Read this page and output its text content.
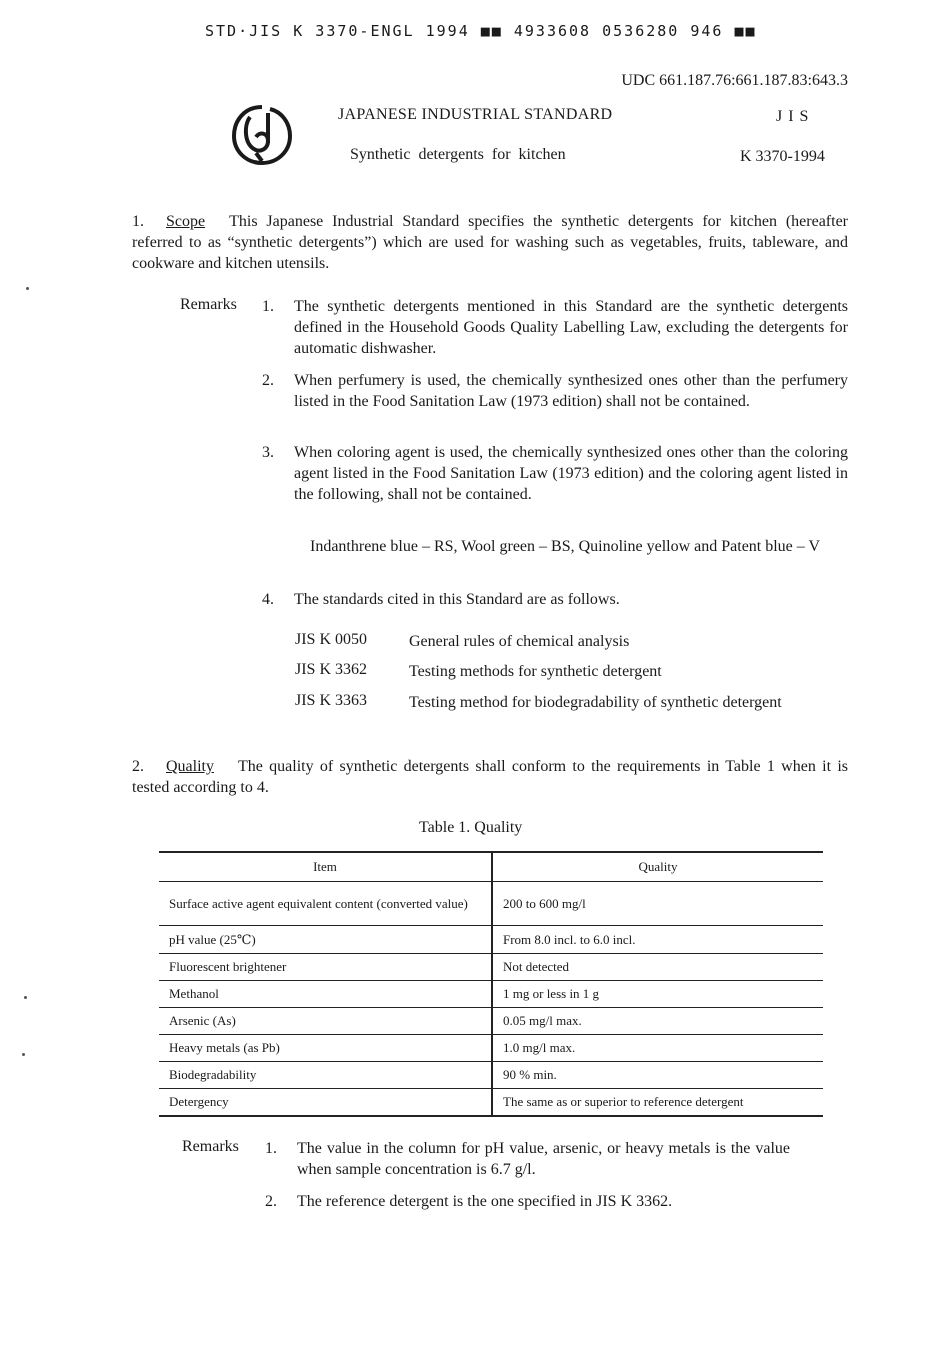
STD·JIS K 3370-ENGL 1994 ■■ 4933608 0536280 946 ■■
UDC 661.187.76:661.187.83:643.3
JAPANESE INDUSTRIAL STANDARD	JIS
Synthetic detergents for kitchen	K 3370-1994
1. Scope This Japanese Industrial Standard specifies the synthetic detergents for kitchen (hereafter referred to as “synthetic detergents”) which are used for washing such as vegetables, fruits, tableware, and cookware and kitchen utensils.
Remarks 1. The synthetic detergents mentioned in this Standard are the synthetic detergents defined in the Household Goods Quality Labelling Law, excluding the detergents for automatic dishwasher.
2. When perfumery is used, the chemically synthesized ones other than the perfumery listed in the Food Sanitation Law (1973 edition) shall not be contained.
3. When coloring agent is used, the chemically synthesized ones other than the coloring agent listed in the Food Sanitation Law (1973 edition) and the coloring agent listed in the following, shall not be contained.
Indanthrene blue – RS, Wool green – BS, Quinoline yellow and Patent blue – V
4. The standards cited in this Standard are as follows.
JIS K 0050	General rules of chemical analysis
JIS K 3362	Testing methods for synthetic detergent
JIS K 3363	Testing method for biodegradability of synthetic detergent
2. Quality The quality of synthetic detergents shall conform to the requirements in Table 1 when it is tested according to 4.
Table 1. Quality
Item	Quality
Surface active agent equivalent content (converted value)	200 to 600 mg/l
pH value (25℃)	From 8.0 incl. to 6.0 incl.
Fluorescent brightener	Not detected
Methanol	1 mg or less in 1 g
Arsenic (As)	0.05 mg/l max.
Heavy metals (as Pb)	1.0 mg/l max.
Biodegradability	90 % min.
Detergency	The same as or superior to reference detergent
Remarks 1. The value in the column for pH value, arsenic, or heavy metals is the value when sample concentration is 6.7 g/l.
2. The reference detergent is the one specified in JIS K 3362.
